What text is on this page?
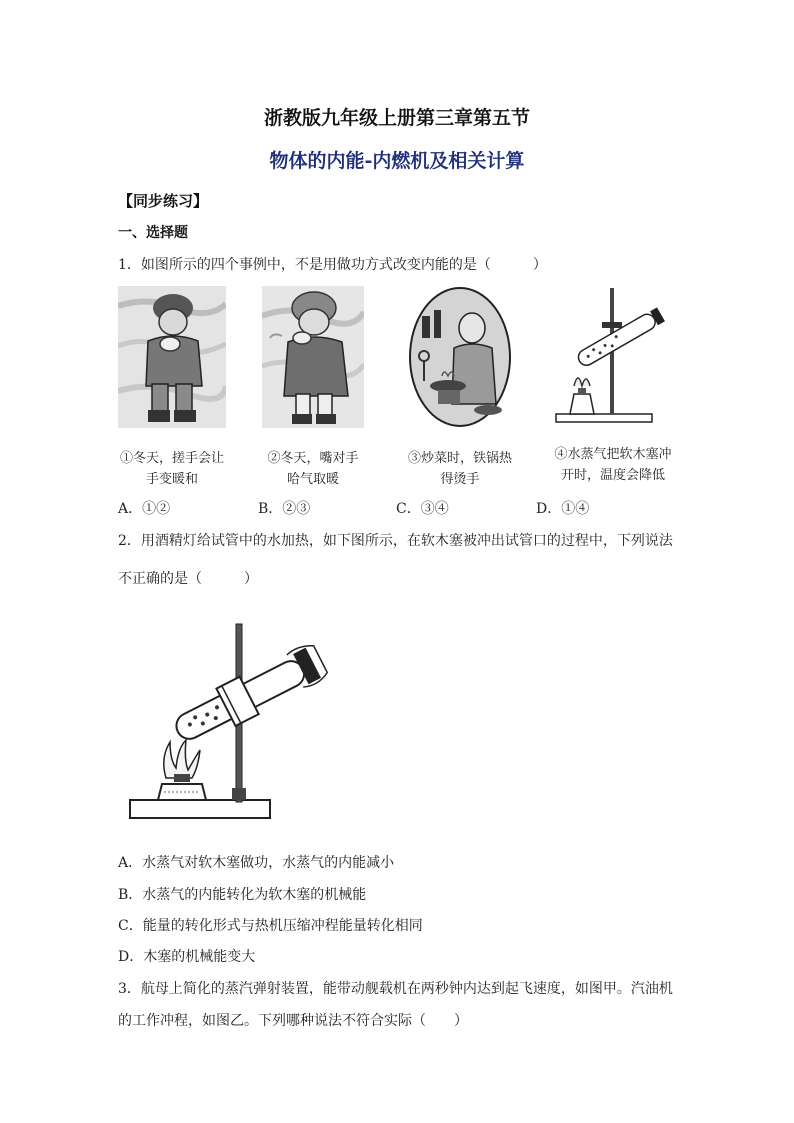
浙教版九年级上册第三章第五节
物体的内能-内燃机及相关计算
【同步练习】
一、选择题
1．如图所示的四个事例中，不是用做功方式改变内能的是（　　　）
①冬天，搓手会让
手变暖和
②冬天，嘴对手
哈气取暖
③炒菜时，铁锅热
得烫手
④水蒸气把软木塞冲
开时，温度会降低
A．①②	B．②③	C．③④	D．①④
2．用酒精灯给试管中的水加热，如下图所示，在软木塞被冲出试管口的过程中，下列说法
不正确的是（　　　）
A．水蒸气对软木塞做功，水蒸气的内能减小
B．水蒸气的内能转化为软木塞的机械能
C．能量的转化形式与热机压缩冲程能量转化相同
D．木塞的机械能变大
3．航母上简化的蒸汽弹射装置，能带动舰载机在两秒钟内达到起飞速度，如图甲。汽油机
的工作冲程，如图乙。下列哪种说法不符合实际（　　）
